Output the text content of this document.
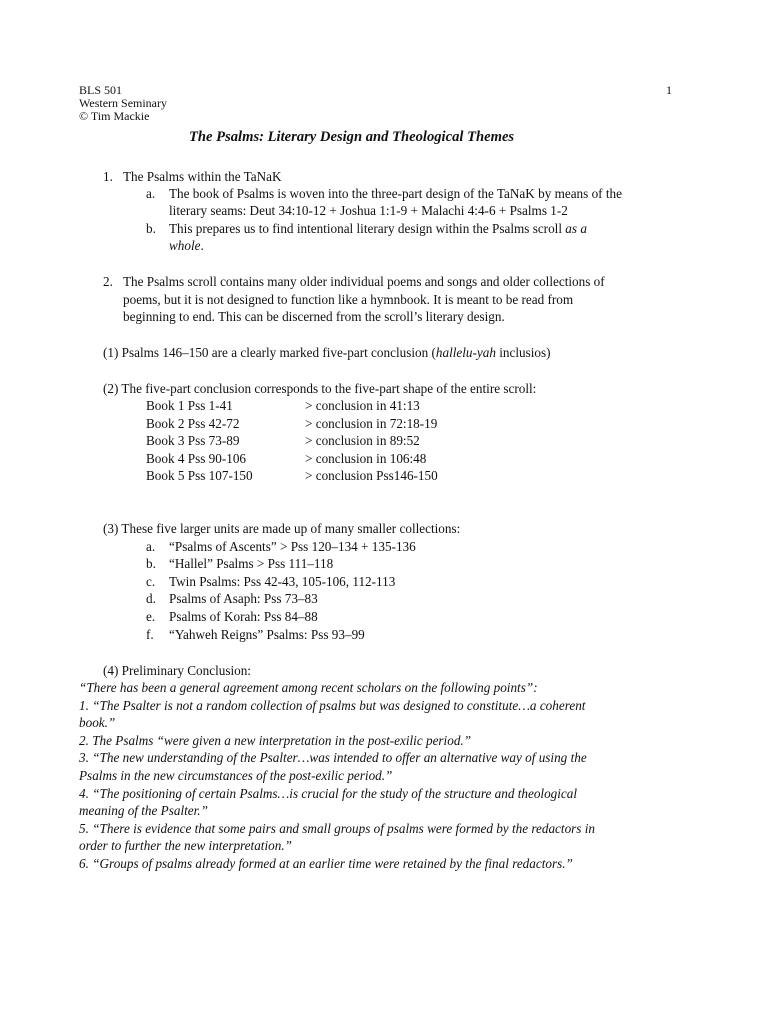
BLS 501
Western Seminary
© Tim Mackie
1
The Psalms: Literary Design and Theological Themes
1. The Psalms within the TaNaK
a. The book of Psalms is woven into the three-part design of the TaNaK by means of the
literary seams: Deut 34:10-12 + Joshua 1:1-9 + Malachi 4:4-6 + Psalms 1-2
b. This prepares us to find intentional literary design within the Psalms scroll as a
whole.
2. The Psalms scroll contains many older individual poems and songs and older collections of
poems, but it is not designed to function like a hymnbook. It is meant to be read from
beginning to end. This can be discerned from the scroll’s literary design.
(1) Psalms 146–150 are a clearly marked five-part conclusion (hallelu-yah inclusios)
(2) The five-part conclusion corresponds to the five-part shape of the entire scroll:
Book 1 Pss 1-41	> conclusion in 41:13
Book 2 Pss 42-72	> conclusion in 72:18-19
Book 3 Pss 73-89	> conclusion in 89:52
Book 4 Pss 90-106	> conclusion in 106:48
Book 5 Pss 107-150	> conclusion Pss146-150
(3) These five larger units are made up of many smaller collections:
a. “Psalms of Ascents” > Pss 120–134 + 135-136
b. “Hallel” Psalms > Pss 111–118
c. Twin Psalms: Pss 42-43, 105-106, 112-113
d. Psalms of Asaph: Pss 73–83
e. Psalms of Korah: Pss 84–88
f. “Yahweh Reigns” Psalms: Pss 93–99
(4) Preliminary Conclusion:
“There has been a general agreement among recent scholars on the following points”:
1. “The Psalter is not a random collection of psalms but was designed to constitute…a coherent
book.”
2. The Psalms “were given a new interpretation in the post-exilic period.”
3. “The new understanding of the Psalter…was intended to offer an alternative way of using the
Psalms in the new circumstances of the post-exilic period.”
4. “The positioning of certain Psalms…is crucial for the study of the structure and theological
meaning of the Psalter.”
5. “There is evidence that some pairs and small groups of psalms were formed by the redactors in
order to further the new interpretation.”
6. “Groups of psalms already formed at an earlier time were retained by the final redactors.”
